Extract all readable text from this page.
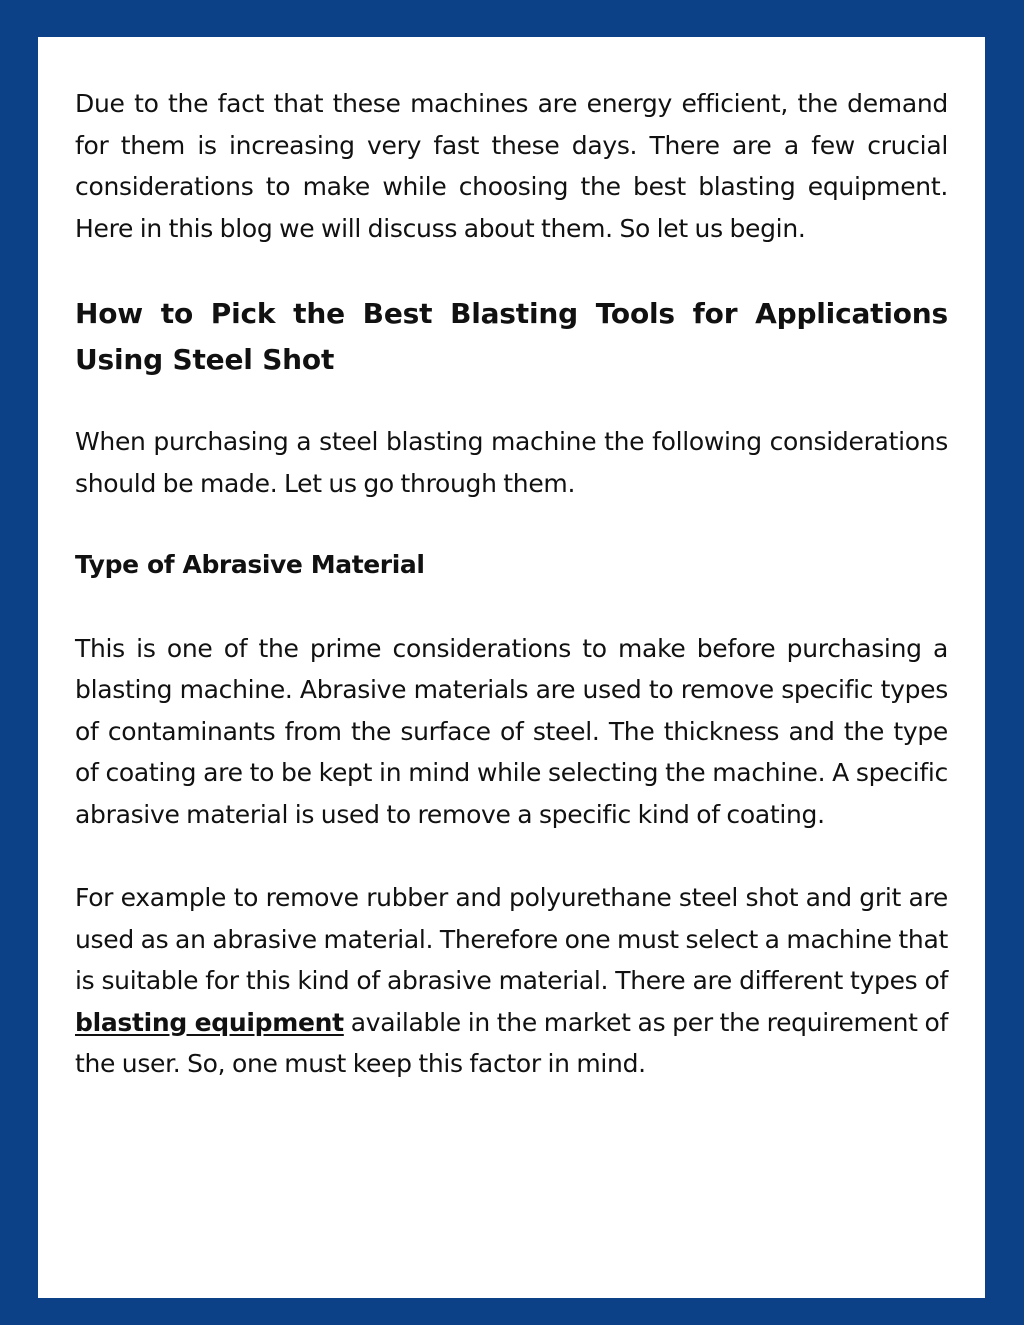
Due to the fact that these machines are energy efficient, the demand for them is increasing very fast these days. There are a few crucial considerations to make while choosing the best blasting equipment. Here in this blog we will discuss about them. So let us begin.

How to Pick the Best Blasting Tools for Applications Using Steel Shot

When purchasing a steel blasting machine the following considerations should be made. Let us go through them.

Type of Abrasive Material

This is one of the prime considerations to make before purchasing a blasting machine. Abrasive materials are used to remove specific types of contaminants from the surface of steel. The thickness and the type of coating are to be kept in mind while selecting the machine. A specific abrasive material is used to remove a specific kind of coating.

For example to remove rubber and polyurethane steel shot and grit are used as an abrasive material. Therefore one must select a machine that is suitable for this kind of abrasive material. There are different types of blasting equipment available in the market as per the requirement of the user. So, one must keep this factor in mind.
